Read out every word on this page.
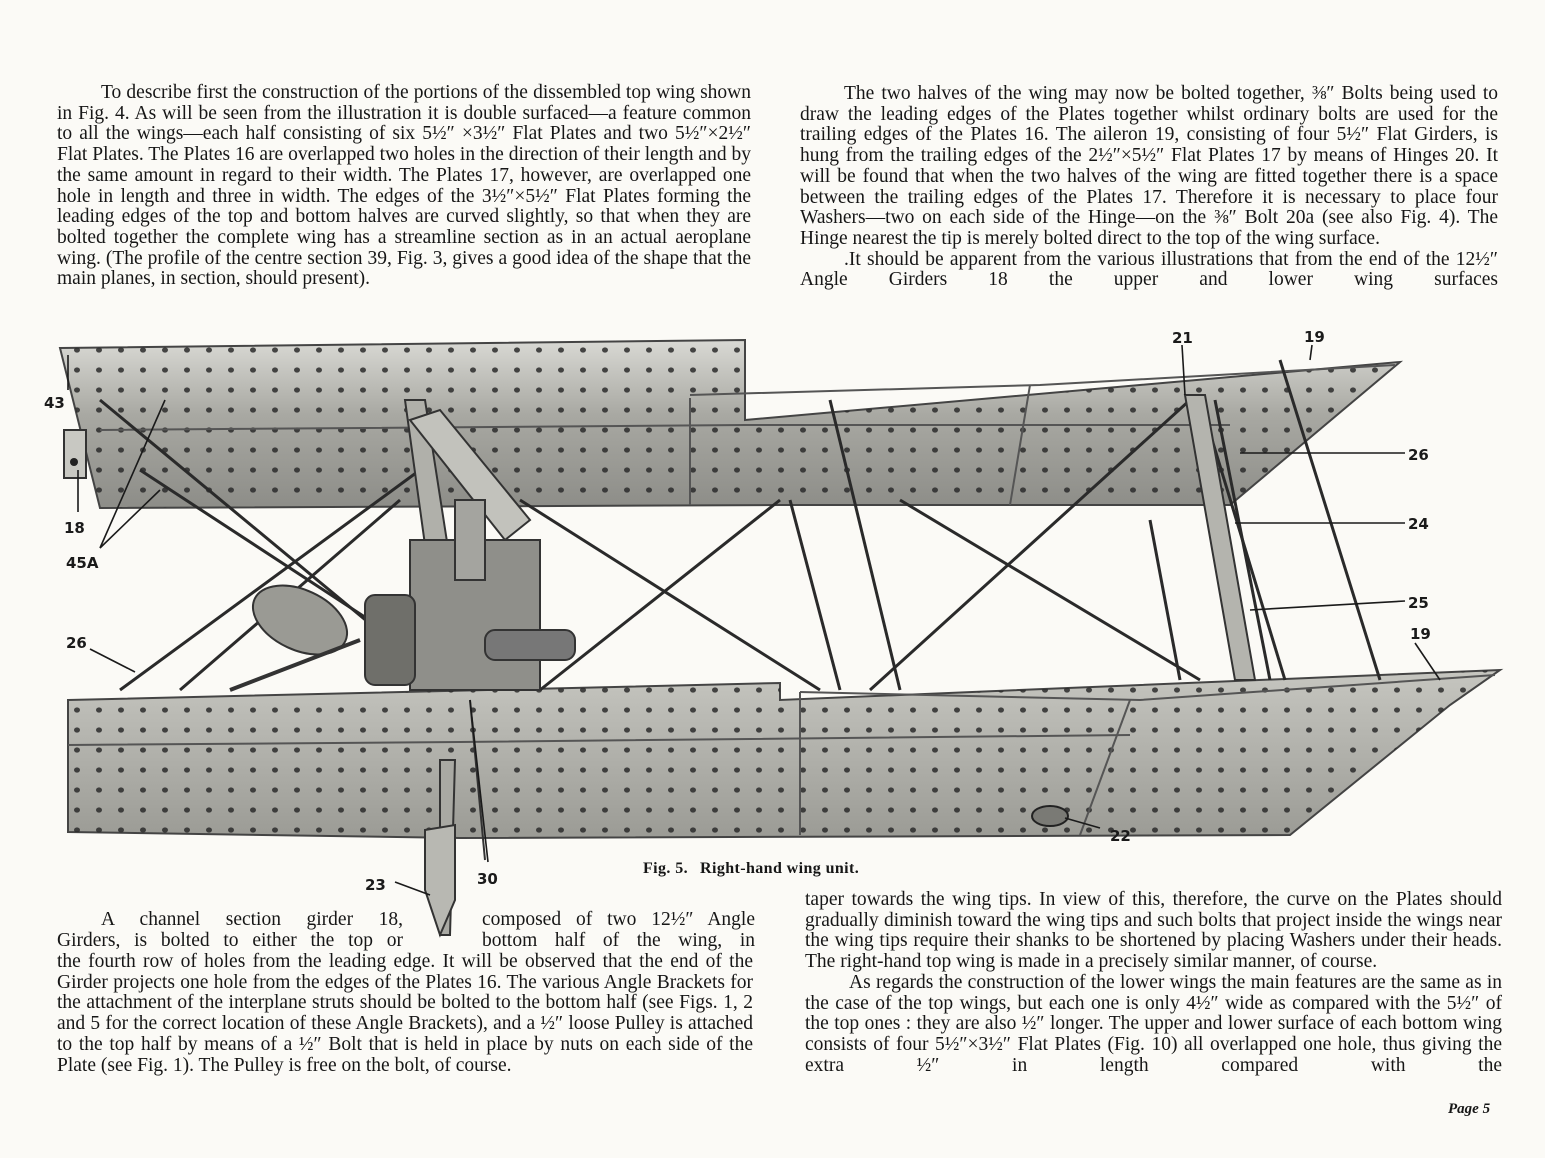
43
18
45A
26
23	30
21	19
26
24
25
19
22

To describe first the construction of the portions of the dissembled top wing shown in Fig. 4. As will be seen from the illustration it is double surfaced—a feature common to all the wings—each half consisting of six 5½″ ×3½″ Flat Plates and two 5½″×2½″ Flat Plates. The Plates 16 are overlapped two holes in the direction of their length and by the same amount in regard to their width. The Plates 17, however, are overlapped one hole in length and three in width. The edges of the 3½″×5½″ Flat Plates forming the leading edges of the top and bottom halves are curved slightly, so that when they are bolted together the complete wing has a streamline section as in an actual aeroplane wing. (The profile of the centre section 39, Fig. 3, gives a good idea of the shape that the main planes, in section, should present).

The two halves of the wing may now be bolted together, ⅜″ Bolts being used to draw the leading edges of the Plates together whilst ordinary bolts are used for the trailing edges of the Plates 16. The aileron 19, consisting of four 5½″ Flat Girders, is hung from the trailing edges of the 2½″×5½″ Flat Plates 17 by means of Hinges 20. It will be found that when the two halves of the wing are fitted together there is a space between the trailing edges of the Plates 17. Therefore it is necessary to place four Washers—two on each side of the Hinge—on the ⅜″ Bolt 20a (see also Fig. 4). The Hinge nearest the tip is merely bolted direct to the top of the wing surface.

.It should be apparent from the various illustrations that from the end of the 12½″ Angle Girders 18 the upper and lower wing surfaces

Fig. 5. Right-hand wing unit.
A channel section girder 18,	composed of two 12½″ Angle
Girders, is bolted to either the top or	bottom half of the wing, in

the fourth row of holes from the leading edge. It will be observed that the end of the Girder projects one hole from the edges of the Plates 16. The various Angle Brackets for the attachment of the interplane struts should be bolted to the bottom half (see Figs. 1, 2 and 5 for the correct location of these Angle Brackets), and a ½″ loose Pulley is attached to the top half by means of a ½″ Bolt that is held in place by nuts on each side of the Plate (see Fig. 1). The Pulley is free on the bolt, of course.

taper towards the wing tips. In view of this, therefore, the curve on the Plates should gradually diminish toward the wing tips and such bolts that project inside the wings near the wing tips require their shanks to be shortened by placing Washers under their heads. The right-hand top wing is made in a precisely similar manner, of course.

As regards the construction of the lower wings the main features are the same as in the case of the top wings, but each one is only 4½″ wide as compared with the 5½″ of the top ones : they are also ½″ longer. The upper and lower surface of each bottom wing consists of four 5½″×3½″ Flat Plates (Fig. 10) all overlapped one hole, thus giving the extra ½″ in length compared with the

Page 5
